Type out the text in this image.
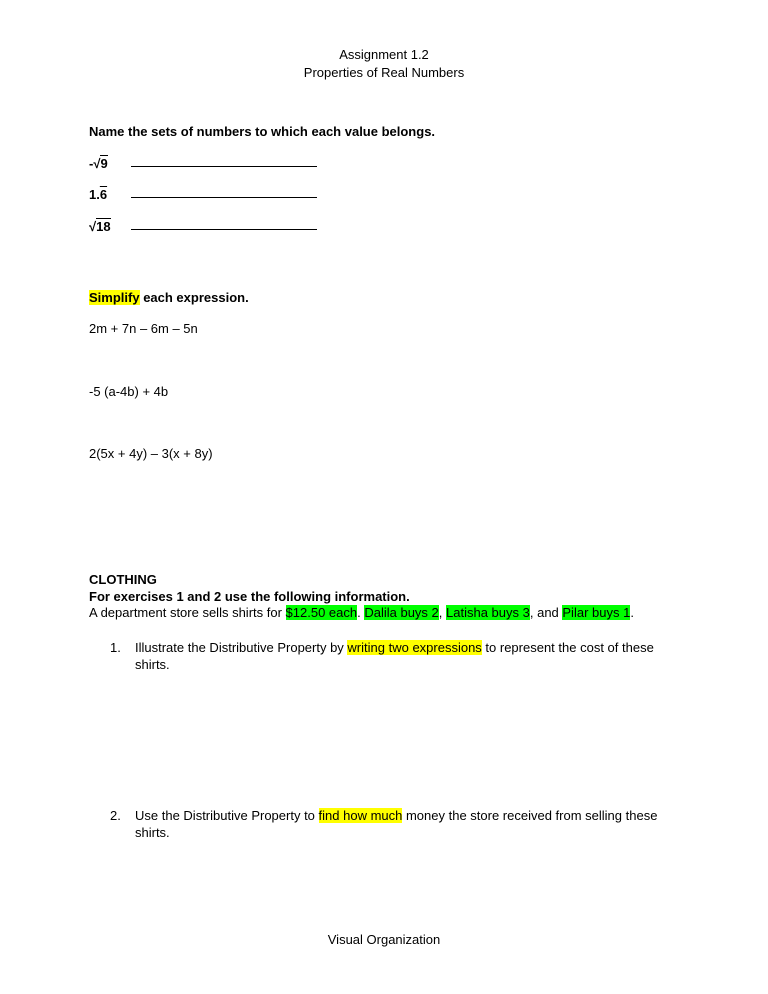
Assignment 1.2
Properties of Real Numbers
Name the sets of numbers to which each value belongs.
-√9
1.6
√18
Simplify each expression.
2m + 7n – 6m – 5n
-5 (a-4b) + 4b
2(5x + 4y) – 3(x + 8y)
CLOTHING
For exercises 1 and 2 use the following information.
A department store sells shirts for $12.50 each. Dalila buys 2, Latisha buys 3, and Pilar buys 1.
1. Illustrate the Distributive Property by writing two expressions to represent the cost of these
shirts.
2. Use the Distributive Property to find how much money the store received from selling these
shirts.
Visual Organization
